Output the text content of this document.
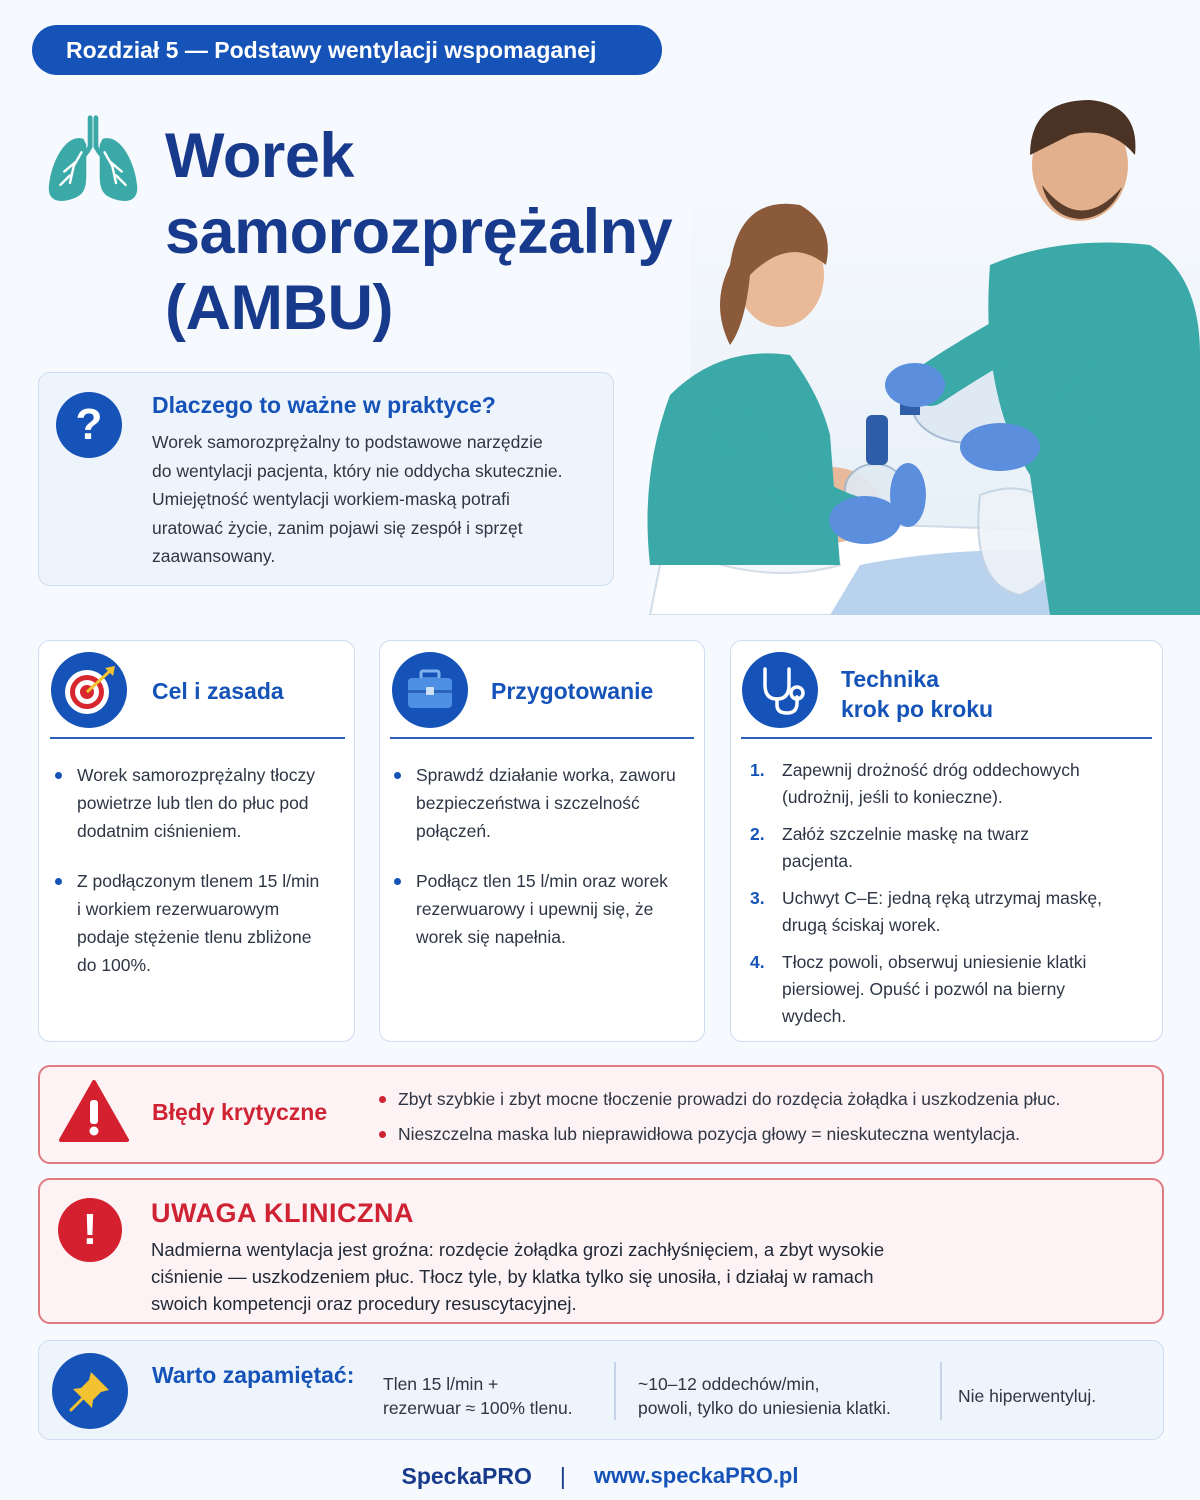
Rozdział 5 — Podstawy wentylacji wspomaganej
Worek
samorozprężalny
(AMBU)
?	Dlaczego to ważne w praktyce?
Worek samorozprężalny to podstawowe narzędzie
do wentylacji pacjenta, który nie oddycha skutecznie.
Umiejętność wentylacji workiem-maską potrafi
uratować życie, zanim pojawi się zespół i sprzęt
zaawansowany.
Cel i zasada
Worek samorozprężalny tłoczy
powietrze lub tlen do płuc pod
dodatnim ciśnieniem.
Z podłączonym tlenem 15 l/min
i workiem rezerwuarowym
podaje stężenie tlenu zbliżone
do 100%.
Przygotowanie
Sprawdź działanie worka, zaworu
bezpieczeństwa i szczelność
połączeń.
Podłącz tlen 15 l/min oraz worek
rezerwuarowy i upewnij się, że
worek się napełnia.
Technika
krok po kroku
1. Zapewnij drożność dróg oddechowych
(udrożnij, jeśli to konieczne).
2. Załóż szczelnie maskę na twarz
pacjenta.
3. Uchwyt C–E: jedną ręką utrzymaj maskę,
drugą ściskaj worek.
4. Tłocz powoli, obserwuj uniesienie klatki
piersiowej. Opuść i pozwól na bierny
wydech.
Błędy krytyczne	Zbyt szybkie i zbyt mocne tłoczenie prowadzi do rozdęcia żołądka i uszkodzenia płuc.
Nieszczelna maska lub nieprawidłowa pozycja głowy = nieskuteczna wentylacja.
!	UWAGA KLINICZNA
Nadmierna wentylacja jest groźna: rozdęcie żołądka grozi zachłyśnięciem, a zbyt wysokie
ciśnienie — uszkodzeniem płuc. Tłocz tyle, by klatka tylko się unosiła, i działaj w ramach
swoich kompetencji oraz procedury resuscytacyjnej.
Warto zapamiętać: Tlen 15 l/min +
rezerwuar ≈ 100% tlenu.
~10–12 oddechów/min,
powoli, tylko do uniesienia klatki.
Nie hiperwentyluj.
SpeckaPRO | www.speckaPRO.pl
